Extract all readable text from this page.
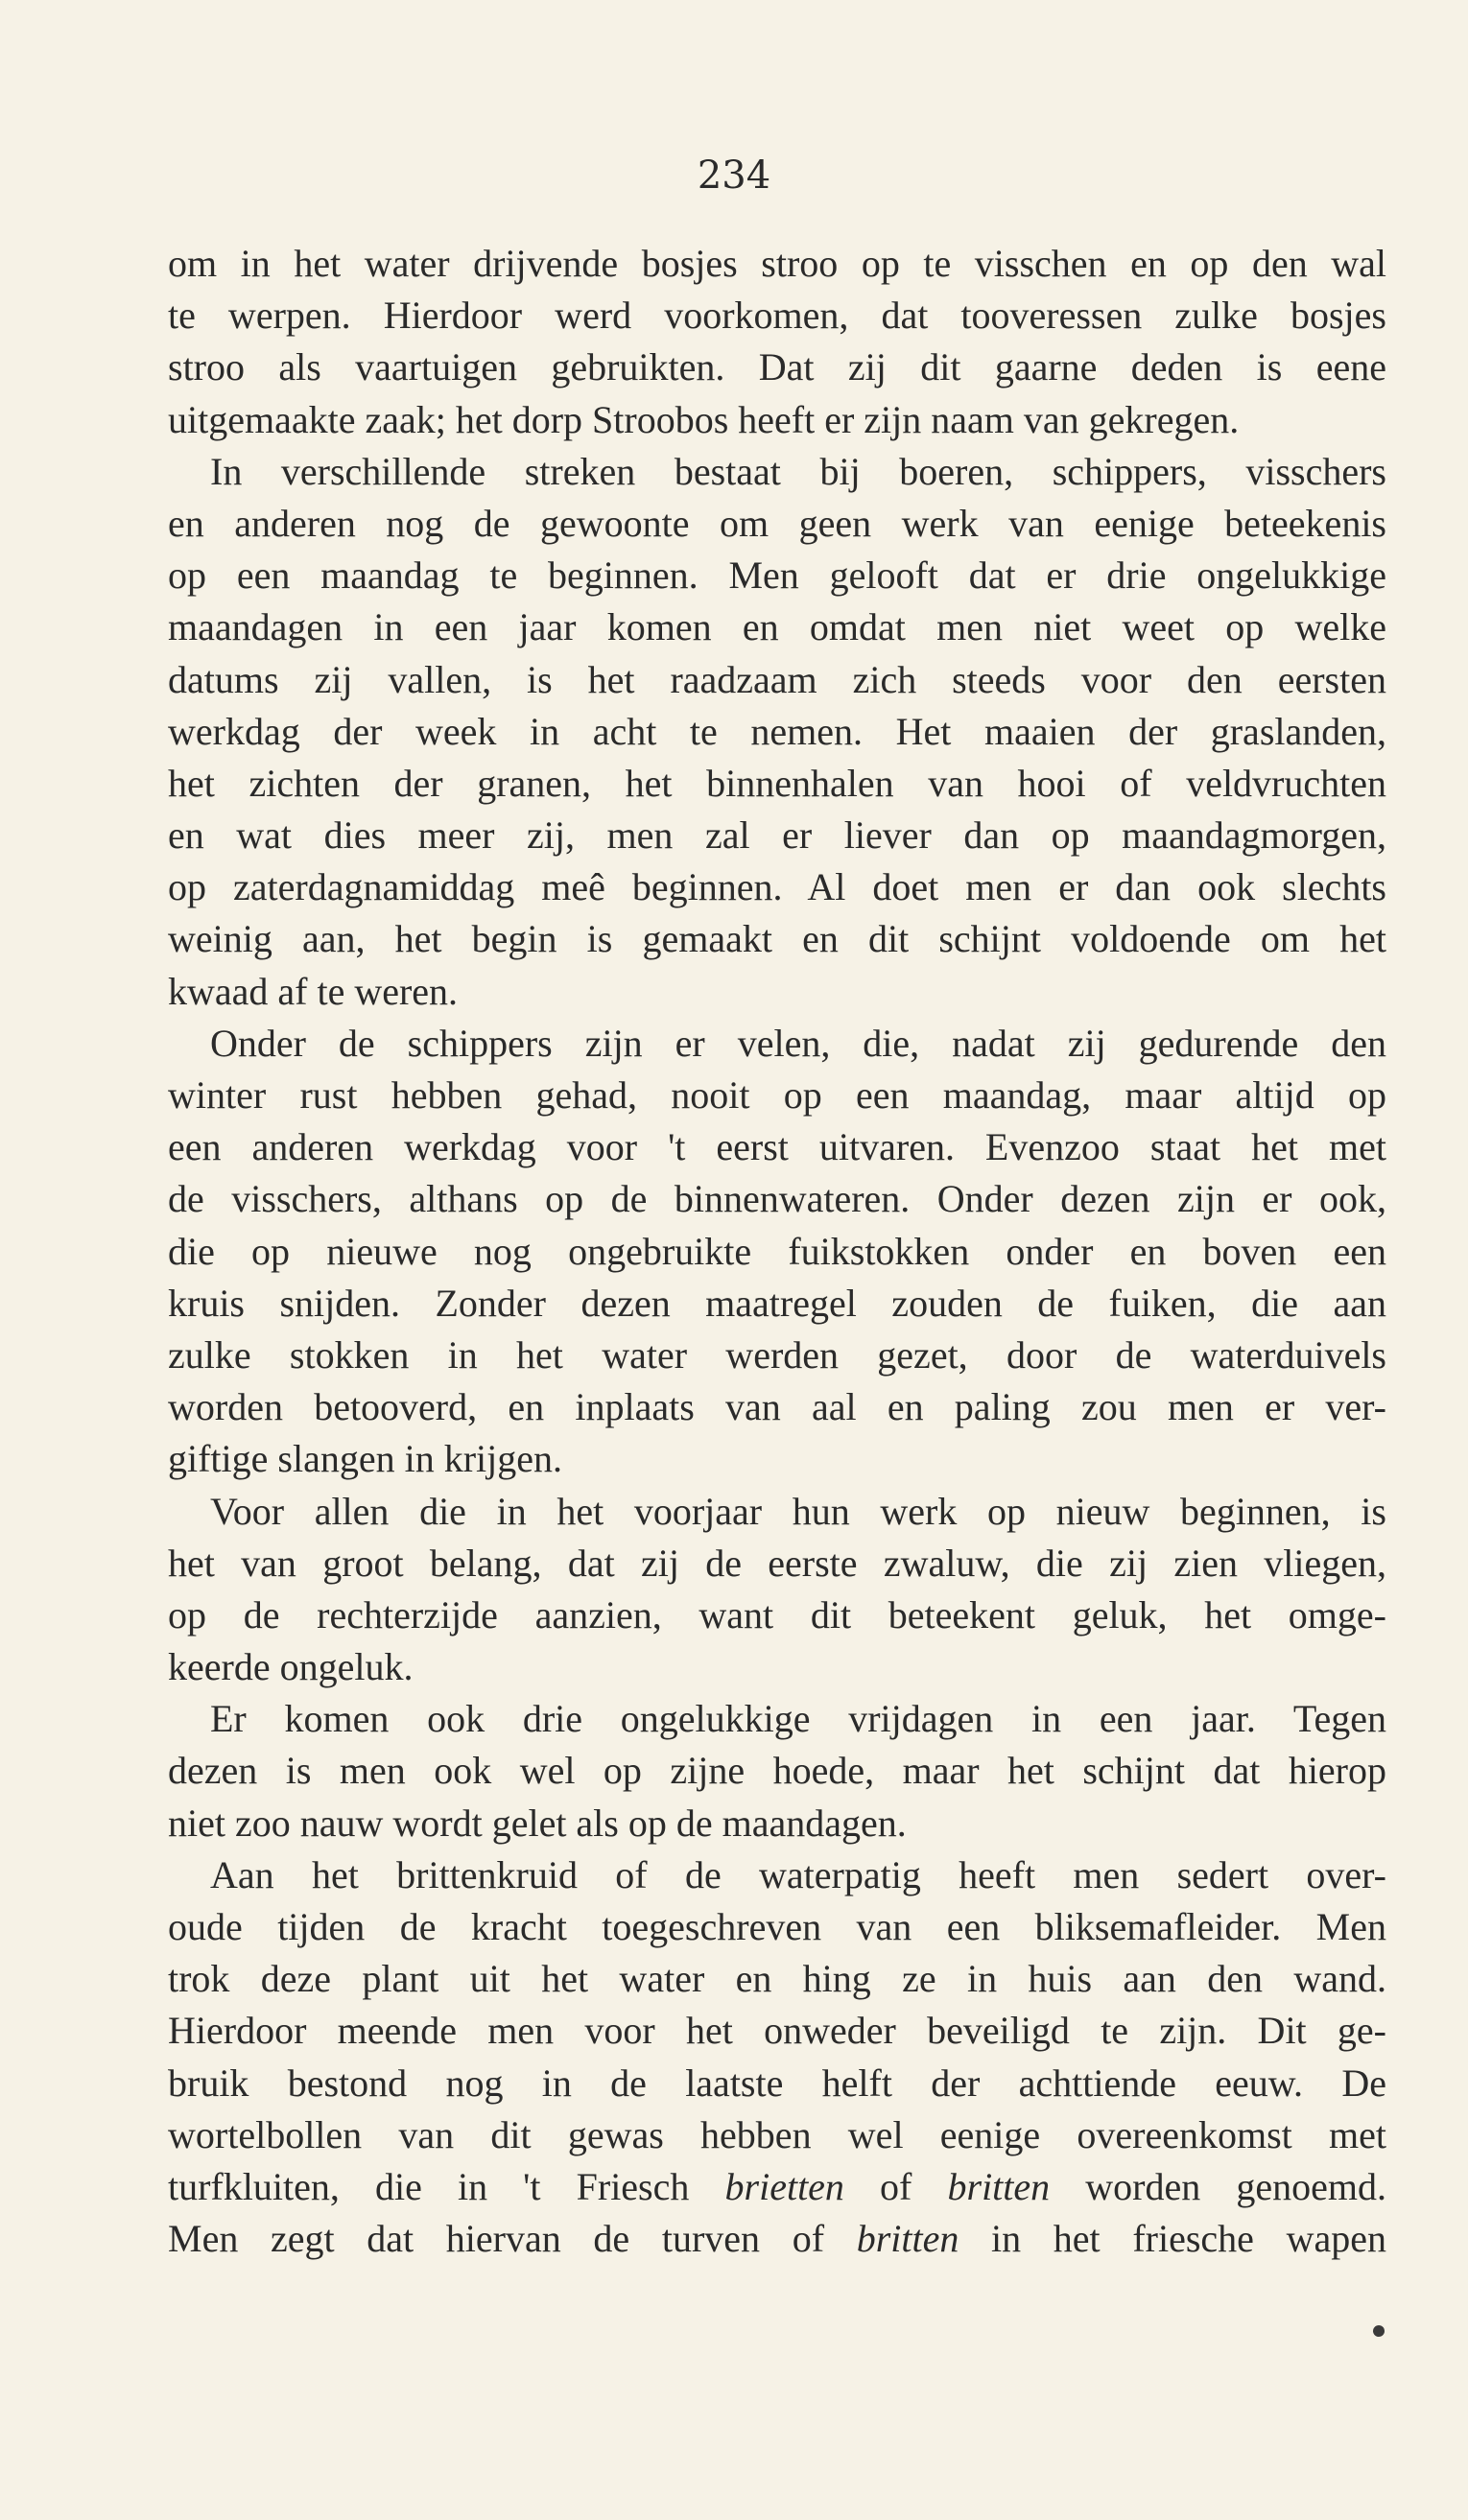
234
om in het water drijvende bosjes stroo op te visschen en op den wal
te werpen. Hierdoor werd voorkomen, dat tooveressen zulke bosjes
stroo als vaartuigen gebruikten. Dat zij dit gaarne deden is eene
uitgemaakte zaak; het dorp Stroobos heeft er zijn naam van gekregen.
In verschillende streken bestaat bij boeren, schippers, visschers
en anderen nog de gewoonte om geen werk van eenige beteekenis
op een maandag te beginnen. Men gelooft dat er drie ongelukkige
maandagen in een jaar komen en omdat men niet weet op welke
datums zij vallen, is het raadzaam zich steeds voor den eersten
werkdag der week in acht te nemen. Het maaien der graslanden,
het zichten der granen, het binnenhalen van hooi of veldvruchten
en wat dies meer zij, men zal er liever dan op maandagmorgen,
op zaterdagnamiddag meê beginnen. Al doet men er dan ook slechts
weinig aan, het begin is gemaakt en dit schijnt voldoende om het
kwaad af te weren.
Onder de schippers zijn er velen, die, nadat zij gedurende den
winter rust hebben gehad, nooit op een maandag, maar altijd op
een anderen werkdag voor 't eerst uitvaren. Evenzoo staat het met
de visschers, althans op de binnenwateren. Onder dezen zijn er ook,
die op nieuwe nog ongebruikte fuikstokken onder en boven een
kruis snijden. Zonder dezen maatregel zouden de fuiken, die aan
zulke stokken in het water werden gezet, door de waterduivels
worden betooverd, en inplaats van aal en paling zou men er ver-
giftige slangen in krijgen.
Voor allen die in het voorjaar hun werk op nieuw beginnen, is
het van groot belang, dat zij de eerste zwaluw, die zij zien vliegen,
op de rechterzijde aanzien, want dit beteekent geluk, het omge-
keerde ongeluk.
Er komen ook drie ongelukkige vrijdagen in een jaar. Tegen
dezen is men ook wel op zijne hoede, maar het schijnt dat hierop
niet zoo nauw wordt gelet als op de maandagen.
Aan het brittenkruid of de waterpatig heeft men sedert over-
oude tijden de kracht toegeschreven van een bliksemafleider. Men
trok deze plant uit het water en hing ze in huis aan den wand.
Hierdoor meende men voor het onweder beveiligd te zijn. Dit ge-
bruik bestond nog in de laatste helft der achttiende eeuw. De
wortelbollen van dit gewas hebben wel eenige overeenkomst met
turfkluiten, die in 't Friesch brietten of britten worden genoemd.
Men zegt dat hiervan de turven of britten in het friesche wapen
